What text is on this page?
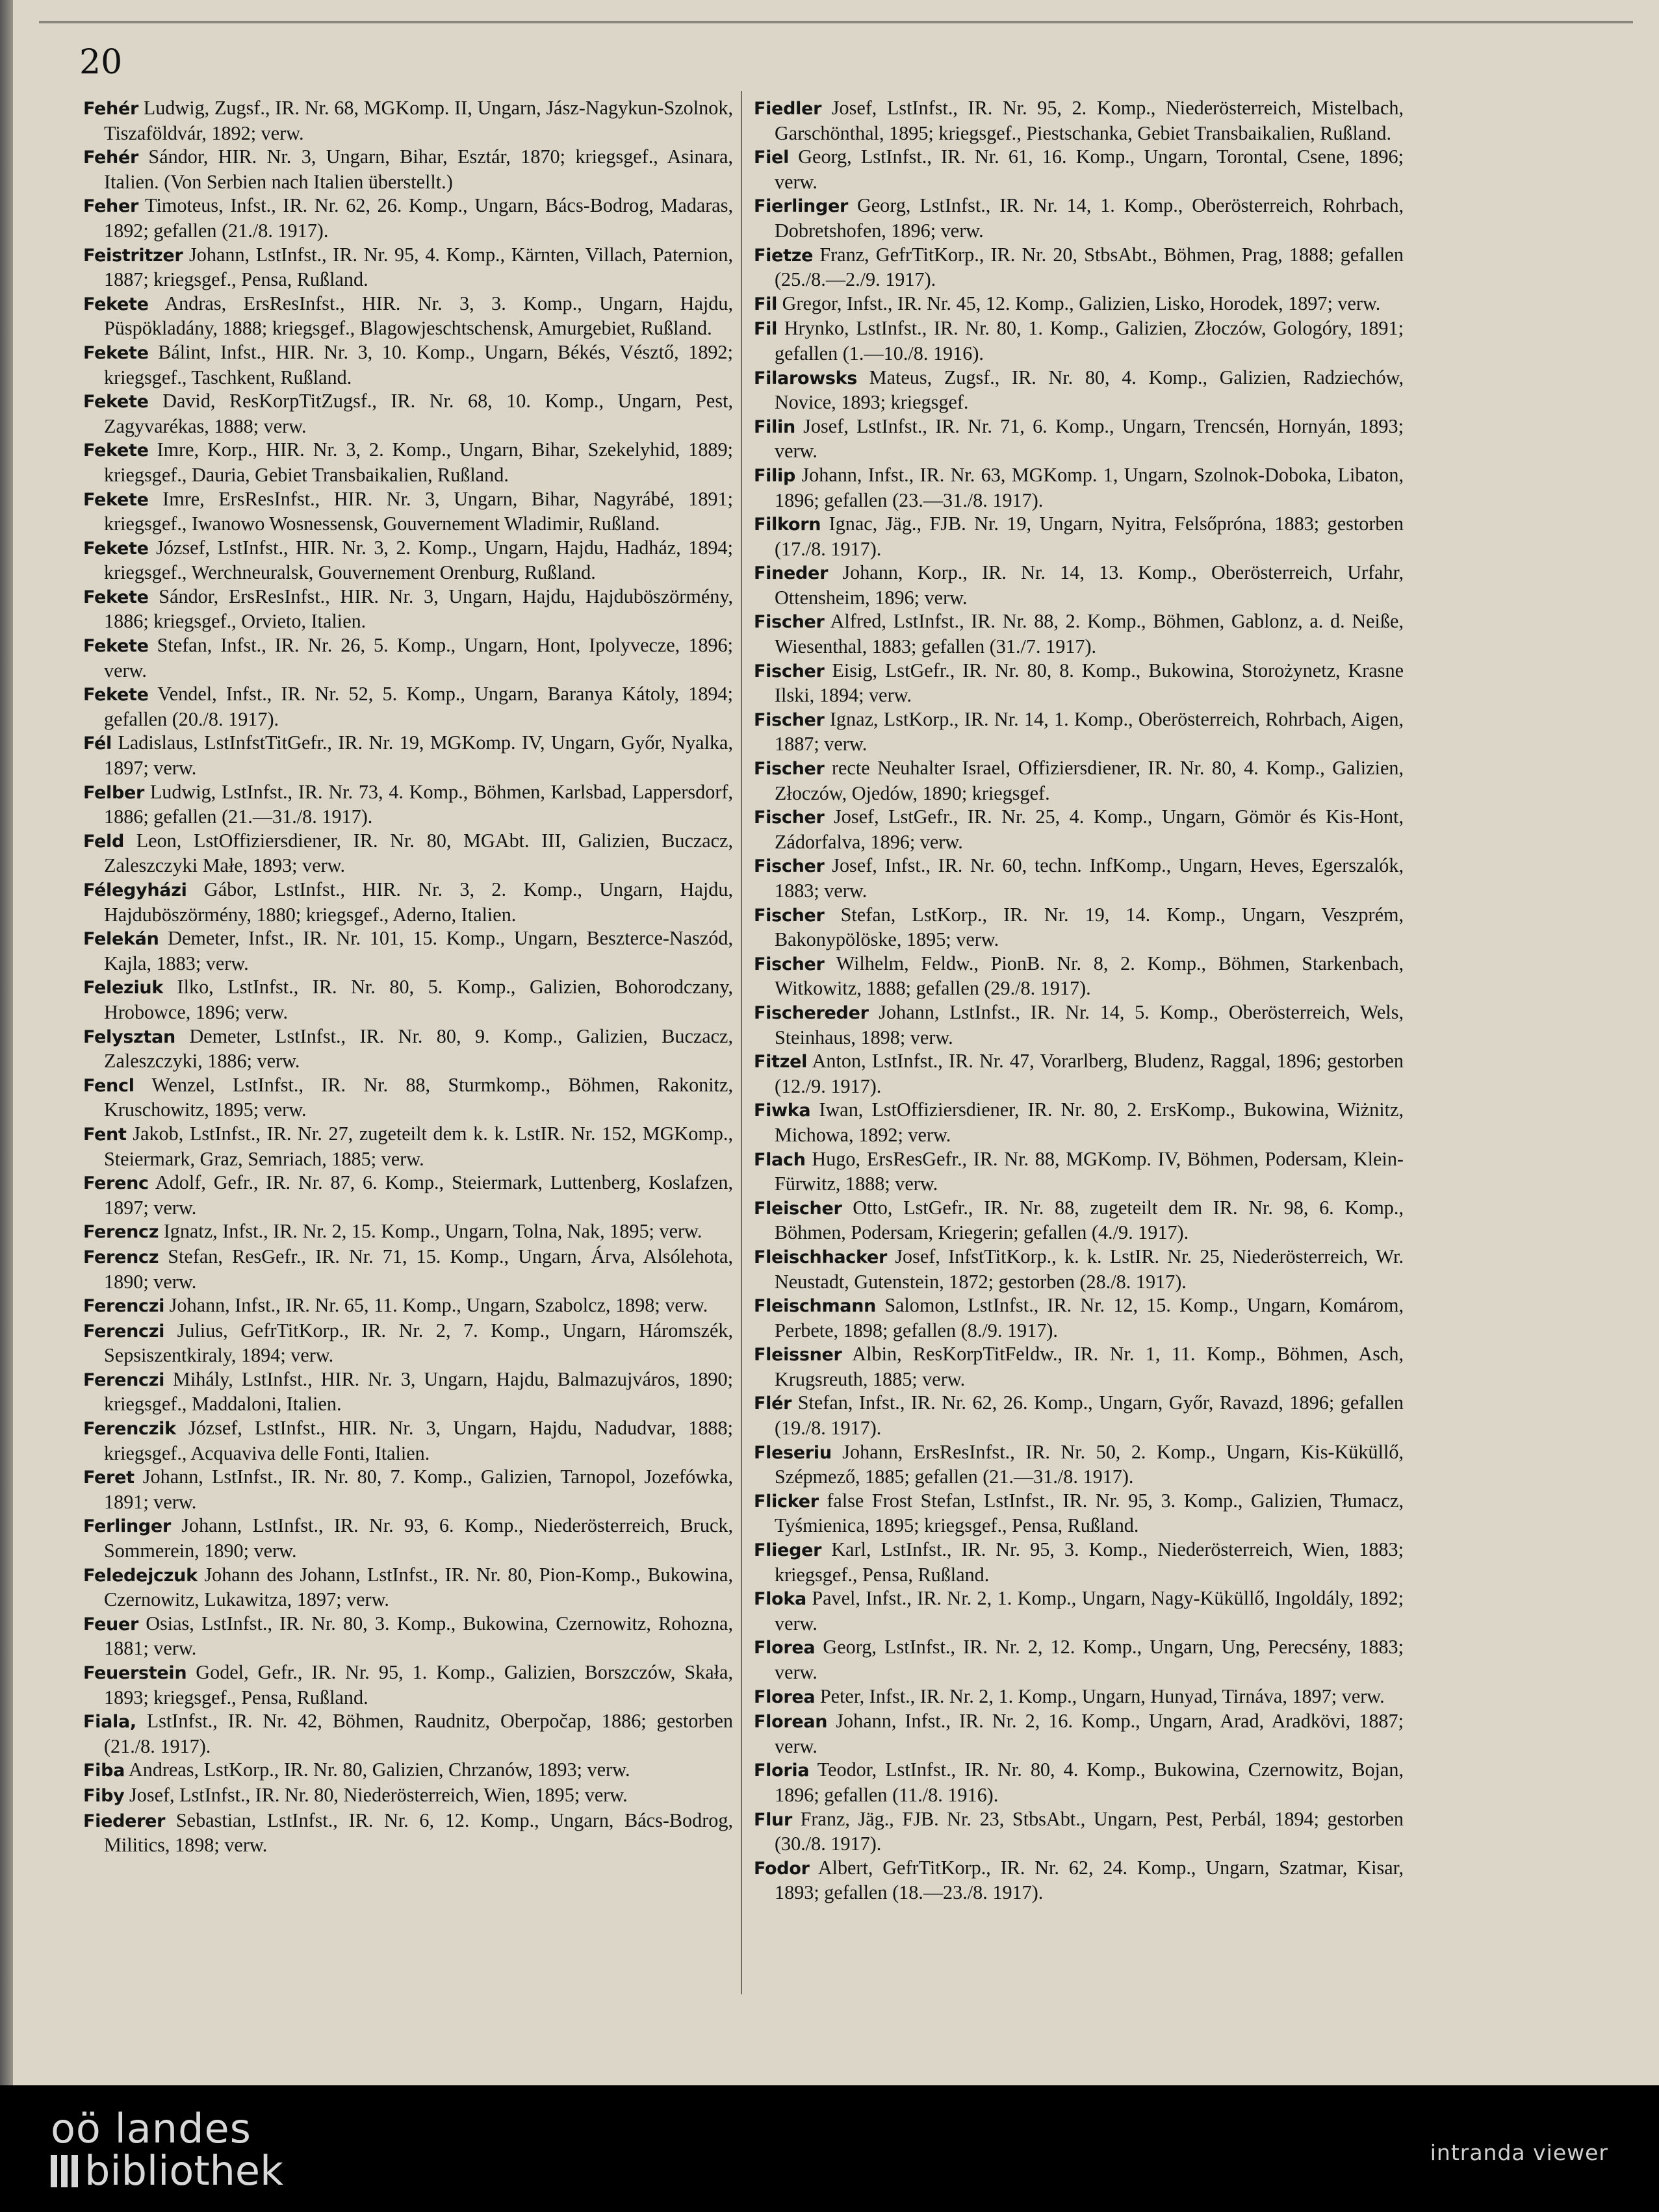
20

Fehér Ludwig, Zugsf., IR. Nr. 68, MGKomp. II, Ungarn, Jász-Nagykun-Szolnok, Tiszaföldvár, 1892; verw.

Fehér Sándor, HIR. Nr. 3, Ungarn, Bihar, Esztár, 1870; kriegsgef., Asinara, Italien. (Von Serbien nach Italien überstellt.)

Feher Timoteus, Infst., IR. Nr. 62, 26. Komp., Ungarn, Bács-Bodrog, Madaras, 1892; gefallen (21./8. 1917).

Feistritzer Johann, LstInfst., IR. Nr. 95, 4. Komp., Kärnten, Villach, Paternion, 1887; kriegsgef., Pensa, Rußland.

Fekete Andras, ErsResInfst., HIR. Nr. 3, 3. Komp., Ungarn, Hajdu, Püspökladány, 1888; kriegsgef., Blagowjeschtschensk, Amurgebiet, Rußland.

Fekete Bálint, Infst., HIR. Nr. 3, 10. Komp., Ungarn, Békés, Vésztő, 1892; kriegsgef., Taschkent, Rußland.

Fekete David, ResKorpTitZugsf., IR. Nr. 68, 10. Komp., Ungarn, Pest, Zagyvarékas, 1888; verw.

Fekete Imre, Korp., HIR. Nr. 3, 2. Komp., Ungarn, Bihar, Szekelyhid, 1889; kriegsgef., Dauria, Gebiet Transbaikalien, Rußland.

Fekete Imre, ErsResInfst., HIR. Nr. 3, Ungarn, Bihar, Nagyrábé, 1891; kriegsgef., Iwanowo Wosnessensk, Gouvernement Wladimir, Rußland.

Fekete József, LstInfst., HIR. Nr. 3, 2. Komp., Ungarn, Hajdu, Hadház, 1894; kriegsgef., Werchneuralsk, Gouvernement Orenburg, Rußland.

Fekete Sándor, ErsResInfst., HIR. Nr. 3, Ungarn, Hajdu, Hajduböszörmény, 1886; kriegsgef., Orvieto, Italien.

Fekete Stefan, Infst., IR. Nr. 26, 5. Komp., Ungarn, Hont, Ipolyvecze, 1896; verw.

Fekete Vendel, Infst., IR. Nr. 52, 5. Komp., Ungarn, Baranya Kátoly, 1894; gefallen (20./8. 1917).

Fél Ladislaus, LstInfstTitGefr., IR. Nr. 19, MGKomp. IV, Ungarn, Győr, Nyalka, 1897; verw.

Felber Ludwig, LstInfst., IR. Nr. 73, 4. Komp., Böhmen, Karlsbad, Lappersdorf, 1886; gefallen (21.—31./8. 1917).

Feld Leon, LstOffiziersdiener, IR. Nr. 80, MGAbt. III, Galizien, Buczacz, Zaleszczyki Małe, 1893; verw.

Félegyházi Gábor, LstInfst., HIR. Nr. 3, 2. Komp., Ungarn, Hajdu, Hajduböszörmény, 1880; kriegsgef., Aderno, Italien.

Felekán Demeter, Infst., IR. Nr. 101, 15. Komp., Ungarn, Beszterce-Naszód, Kajla, 1883; verw.

Feleziuk Ilko, LstInfst., IR. Nr. 80, 5. Komp., Galizien, Bohorodczany, Hrobowce, 1896; verw.

Felysztan Demeter, LstInfst., IR. Nr. 80, 9. Komp., Galizien, Buczacz, Zaleszczyki, 1886; verw.

Fencl Wenzel, LstInfst., IR. Nr. 88, Sturmkomp., Böhmen, Rakonitz, Kruschowitz, 1895; verw.

Fent Jakob, LstInfst., IR. Nr. 27, zugeteilt dem k. k. LstIR. Nr. 152, MGKomp., Steiermark, Graz, Semriach, 1885; verw.

Ferenc Adolf, Gefr., IR. Nr. 87, 6. Komp., Steiermark, Luttenberg, Koslafzen, 1897; verw.

Ferencz Ignatz, Infst., IR. Nr. 2, 15. Komp., Ungarn, Tolna, Nak, 1895; verw.

Ferencz Stefan, ResGefr., IR. Nr. 71, 15. Komp., Ungarn, Árva, Alsólehota, 1890; verw.

Ferenczi Johann, Infst., IR. Nr. 65, 11. Komp., Ungarn, Szabolcz, 1898; verw.

Ferenczi Julius, GefrTitKorp., IR. Nr. 2, 7. Komp., Ungarn, Háromszék, Sepsiszentkiraly, 1894; verw.

Ferenczi Mihály, LstInfst., HIR. Nr. 3, Ungarn, Hajdu, Balmazujváros, 1890; kriegsgef., Maddaloni, Italien.

Ferenczik József, LstInfst., HIR. Nr. 3, Ungarn, Hajdu, Nadudvar, 1888; kriegsgef., Acquaviva delle Fonti, Italien.

Feret Johann, LstInfst., IR. Nr. 80, 7. Komp., Galizien, Tarnopol, Jozefówka, 1891; verw.

Ferlinger Johann, LstInfst., IR. Nr. 93, 6. Komp., Niederösterreich, Bruck, Sommerein, 1890; verw.

Feledejczuk Johann des Johann, LstInfst., IR. Nr. 80, Pion-Komp., Bukowina, Czernowitz, Lukawitza, 1897; verw.

Feuer Osias, LstInfst., IR. Nr. 80, 3. Komp., Bukowina, Czernowitz, Rohozna, 1881; verw.

Feuerstein Godel, Gefr., IR. Nr. 95, 1. Komp., Galizien, Borszczów, Skała, 1893; kriegsgef., Pensa, Rußland.

Fiala, LstInfst., IR. Nr. 42, Böhmen, Raudnitz, Oberpočap, 1886; gestorben (21./8. 1917).

Fiba Andreas, LstKorp., IR. Nr. 80, Galizien, Chrzanów, 1893; verw.

Fiby Josef, LstInfst., IR. Nr. 80, Niederösterreich, Wien, 1895; verw.

Fiederer Sebastian, LstInfst., IR. Nr. 6, 12. Komp., Ungarn, Bács-Bodrog, Militics, 1898; verw.

Fiedler Josef, LstInfst., IR. Nr. 95, 2. Komp., Niederösterreich, Mistelbach, Garschönthal, 1895; kriegsgef., Piestschanka, Gebiet Transbaikalien, Rußland.

Fiel Georg, LstInfst., IR. Nr. 61, 16. Komp., Ungarn, Torontal, Csene, 1896; verw.

Fierlinger Georg, LstInfst., IR. Nr. 14, 1. Komp., Oberösterreich, Rohrbach, Dobretshofen, 1896; verw.

Fietze Franz, GefrTitKorp., IR. Nr. 20, StbsAbt., Böhmen, Prag, 1888; gefallen (25./8.—2./9. 1917).

Fil Gregor, Infst., IR. Nr. 45, 12. Komp., Galizien, Lisko, Horodek, 1897; verw.

Fil Hrynko, LstInfst., IR. Nr. 80, 1. Komp., Galizien, Złoczów, Gologóry, 1891; gefallen (1.—10./8. 1916).

Filarowsks Mateus, Zugsf., IR. Nr. 80, 4. Komp., Galizien, Radziechów, Novice, 1893; kriegsgef.

Filin Josef, LstInfst., IR. Nr. 71, 6. Komp., Ungarn, Trencsén, Hornyán, 1893; verw.

Filip Johann, Infst., IR. Nr. 63, MGKomp. 1, Ungarn, Szolnok-Doboka, Libaton, 1896; gefallen (23.—31./8. 1917).

Filkorn Ignac, Jäg., FJB. Nr. 19, Ungarn, Nyitra, Felsőpróna, 1883; gestorben (17./8. 1917).

Fineder Johann, Korp., IR. Nr. 14, 13. Komp., Oberösterreich, Urfahr, Ottensheim, 1896; verw.

Fischer Alfred, LstInfst., IR. Nr. 88, 2. Komp., Böhmen, Gablonz, a. d. Neiße, Wiesenthal, 1883; gefallen (31./7. 1917).

Fischer Eisig, LstGefr., IR. Nr. 80, 8. Komp., Bukowina, Storożynetz, Krasne Ilski, 1894; verw.

Fischer Ignaz, LstKorp., IR. Nr. 14, 1. Komp., Oberösterreich, Rohrbach, Aigen, 1887; verw.

Fischer recte Neuhalter Israel, Offiziersdiener, IR. Nr. 80, 4. Komp., Galizien, Złoczów, Ojedów, 1890; kriegsgef.

Fischer Josef, LstGefr., IR. Nr. 25, 4. Komp., Ungarn, Gömör és Kis-Hont, Zádorfalva, 1896; verw.

Fischer Josef, Infst., IR. Nr. 60, techn. InfKomp., Ungarn, Heves, Egerszalók, 1883; verw.

Fischer Stefan, LstKorp., IR. Nr. 19, 14. Komp., Ungarn, Veszprém, Bakonypölöske, 1895; verw.

Fischer Wilhelm, Feldw., PionB. Nr. 8, 2. Komp., Böhmen, Starkenbach, Witkowitz, 1888; gefallen (29./8. 1917).

Fischereder Johann, LstInfst., IR. Nr. 14, 5. Komp., Oberösterreich, Wels, Steinhaus, 1898; verw.

Fitzel Anton, LstInfst., IR. Nr. 47, Vorarlberg, Bludenz, Raggal, 1896; gestorben (12./9. 1917).

Fiwka Iwan, LstOffiziersdiener, IR. Nr. 80, 2. ErsKomp., Bukowina, Wiżnitz, Michowa, 1892; verw.

Flach Hugo, ErsResGefr., IR. Nr. 88, MGKomp. IV, Böhmen, Podersam, Klein-Fürwitz, 1888; verw.

Fleischer Otto, LstGefr., IR. Nr. 88, zugeteilt dem IR. Nr. 98, 6. Komp., Böhmen, Podersam, Kriegerin; gefallen (4./9. 1917).

Fleischhacker Josef, InfstTitKorp., k. k. LstIR. Nr. 25, Niederösterreich, Wr. Neustadt, Gutenstein, 1872; gestorben (28./8. 1917).

Fleischmann Salomon, LstInfst., IR. Nr. 12, 15. Komp., Ungarn, Komárom, Perbete, 1898; gefallen (8./9. 1917).

Fleissner Albin, ResKorpTitFeldw., IR. Nr. 1, 11. Komp., Böhmen, Asch, Krugsreuth, 1885; verw.

Flér Stefan, Infst., IR. Nr. 62, 26. Komp., Ungarn, Győr, Ravazd, 1896; gefallen (19./8. 1917).

Fleseriu Johann, ErsResInfst., IR. Nr. 50, 2. Komp., Ungarn, Kis-Küküllő, Szépmező, 1885; gefallen (21.—31./8. 1917).

Flicker false Frost Stefan, LstInfst., IR. Nr. 95, 3. Komp., Galizien, Tłumacz, Tyśmienica, 1895; kriegsgef., Pensa, Rußland.

Flieger Karl, LstInfst., IR. Nr. 95, 3. Komp., Niederösterreich, Wien, 1883; kriegsgef., Pensa, Rußland.

Floka Pavel, Infst., IR. Nr. 2, 1. Komp., Ungarn, Nagy-Küküllő, Ingoldály, 1892; verw.

Florea Georg, LstInfst., IR. Nr. 2, 12. Komp., Ungarn, Ung, Perecsény, 1883; verw.

Florea Peter, Infst., IR. Nr. 2, 1. Komp., Ungarn, Hunyad, Tirnáva, 1897; verw.

Florean Johann, Infst., IR. Nr. 2, 16. Komp., Ungarn, Arad, Aradkövi, 1887; verw.

Floria Teodor, LstInfst., IR. Nr. 80, 4. Komp., Bukowina, Czernowitz, Bojan, 1896; gefallen (11./8. 1916).

Flur Franz, Jäg., FJB. Nr. 23, StbsAbt., Ungarn, Pest, Perbál, 1894; gestorben (30./8. 1917).

Fodor Albert, GefrTitKorp., IR. Nr. 62, 24. Komp., Ungarn, Szatmar, Kisar, 1893; gefallen (18.—23./8. 1917).

oö landes
bibliothek	intranda viewer
